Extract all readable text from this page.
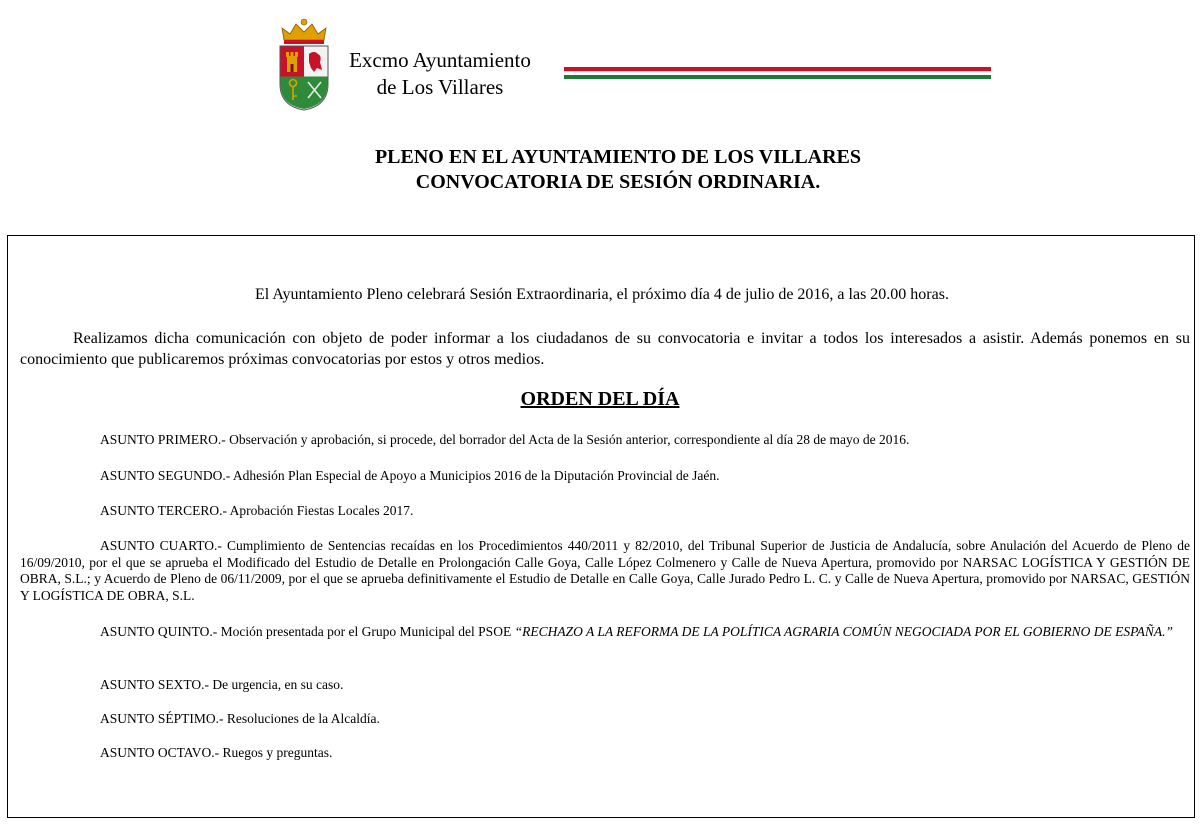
Excmo Ayuntamiento
de Los Villares
PLENO EN EL AYUNTAMIENTO DE LOS VILLARES
CONVOCATORIA DE SESIÓN ORDINARIA.
El Ayuntamiento Pleno celebrará Sesión Extraordinaria, el próximo día 4 de julio de 2016, a las 20.00 horas.
Realizamos dicha comunicación con objeto de poder informar a los ciudadanos de su convocatoria e invitar a todos los interesados a asistir. Además ponemos en su conocimiento que publicaremos próximas convocatorias por estos y otros medios.
ORDEN DEL DÍA
ASUNTO PRIMERO.- Observación y aprobación, si procede, del borrador del Acta de la Sesión anterior, correspondiente al día 28 de mayo de 2016.
ASUNTO SEGUNDO.- Adhesión Plan Especial de Apoyo a Municipios 2016 de la Diputación Provincial de Jaén.
ASUNTO TERCERO.- Aprobación Fiestas Locales 2017.
ASUNTO CUARTO.- Cumplimiento de Sentencias recaídas en los Procedimientos 440/2011 y 82/2010, del Tribunal Superior de Justicia de Andalucía, sobre Anulación del Acuerdo de Pleno de 16/09/2010, por el que se aprueba el Modificado del Estudio de Detalle en Prolongación Calle Goya, Calle López Colmenero y Calle de Nueva Apertura, promovido por NARSAC LOGÍSTICA Y GESTIÓN DE OBRA, S.L.; y Acuerdo de Pleno de 06/11/2009, por el que se aprueba definitivamente el Estudio de Detalle en Calle Goya, Calle Jurado Pedro L. C. y Calle de Nueva Apertura, promovido por NARSAC, GESTIÓN Y LOGÍSTICA DE OBRA, S.L.
ASUNTO QUINTO.- Moción presentada por el Grupo Municipal del PSOE “RECHAZO A LA REFORMA DE LA POLÍTICA AGRARIA COMÚN NEGOCIADA POR EL GOBIERNO DE ESPAÑA.”
ASUNTO SEXTO.- De urgencia, en su caso.
ASUNTO SÉPTIMO.- Resoluciones de la Alcaldía.
ASUNTO OCTAVO.- Ruegos y preguntas.
